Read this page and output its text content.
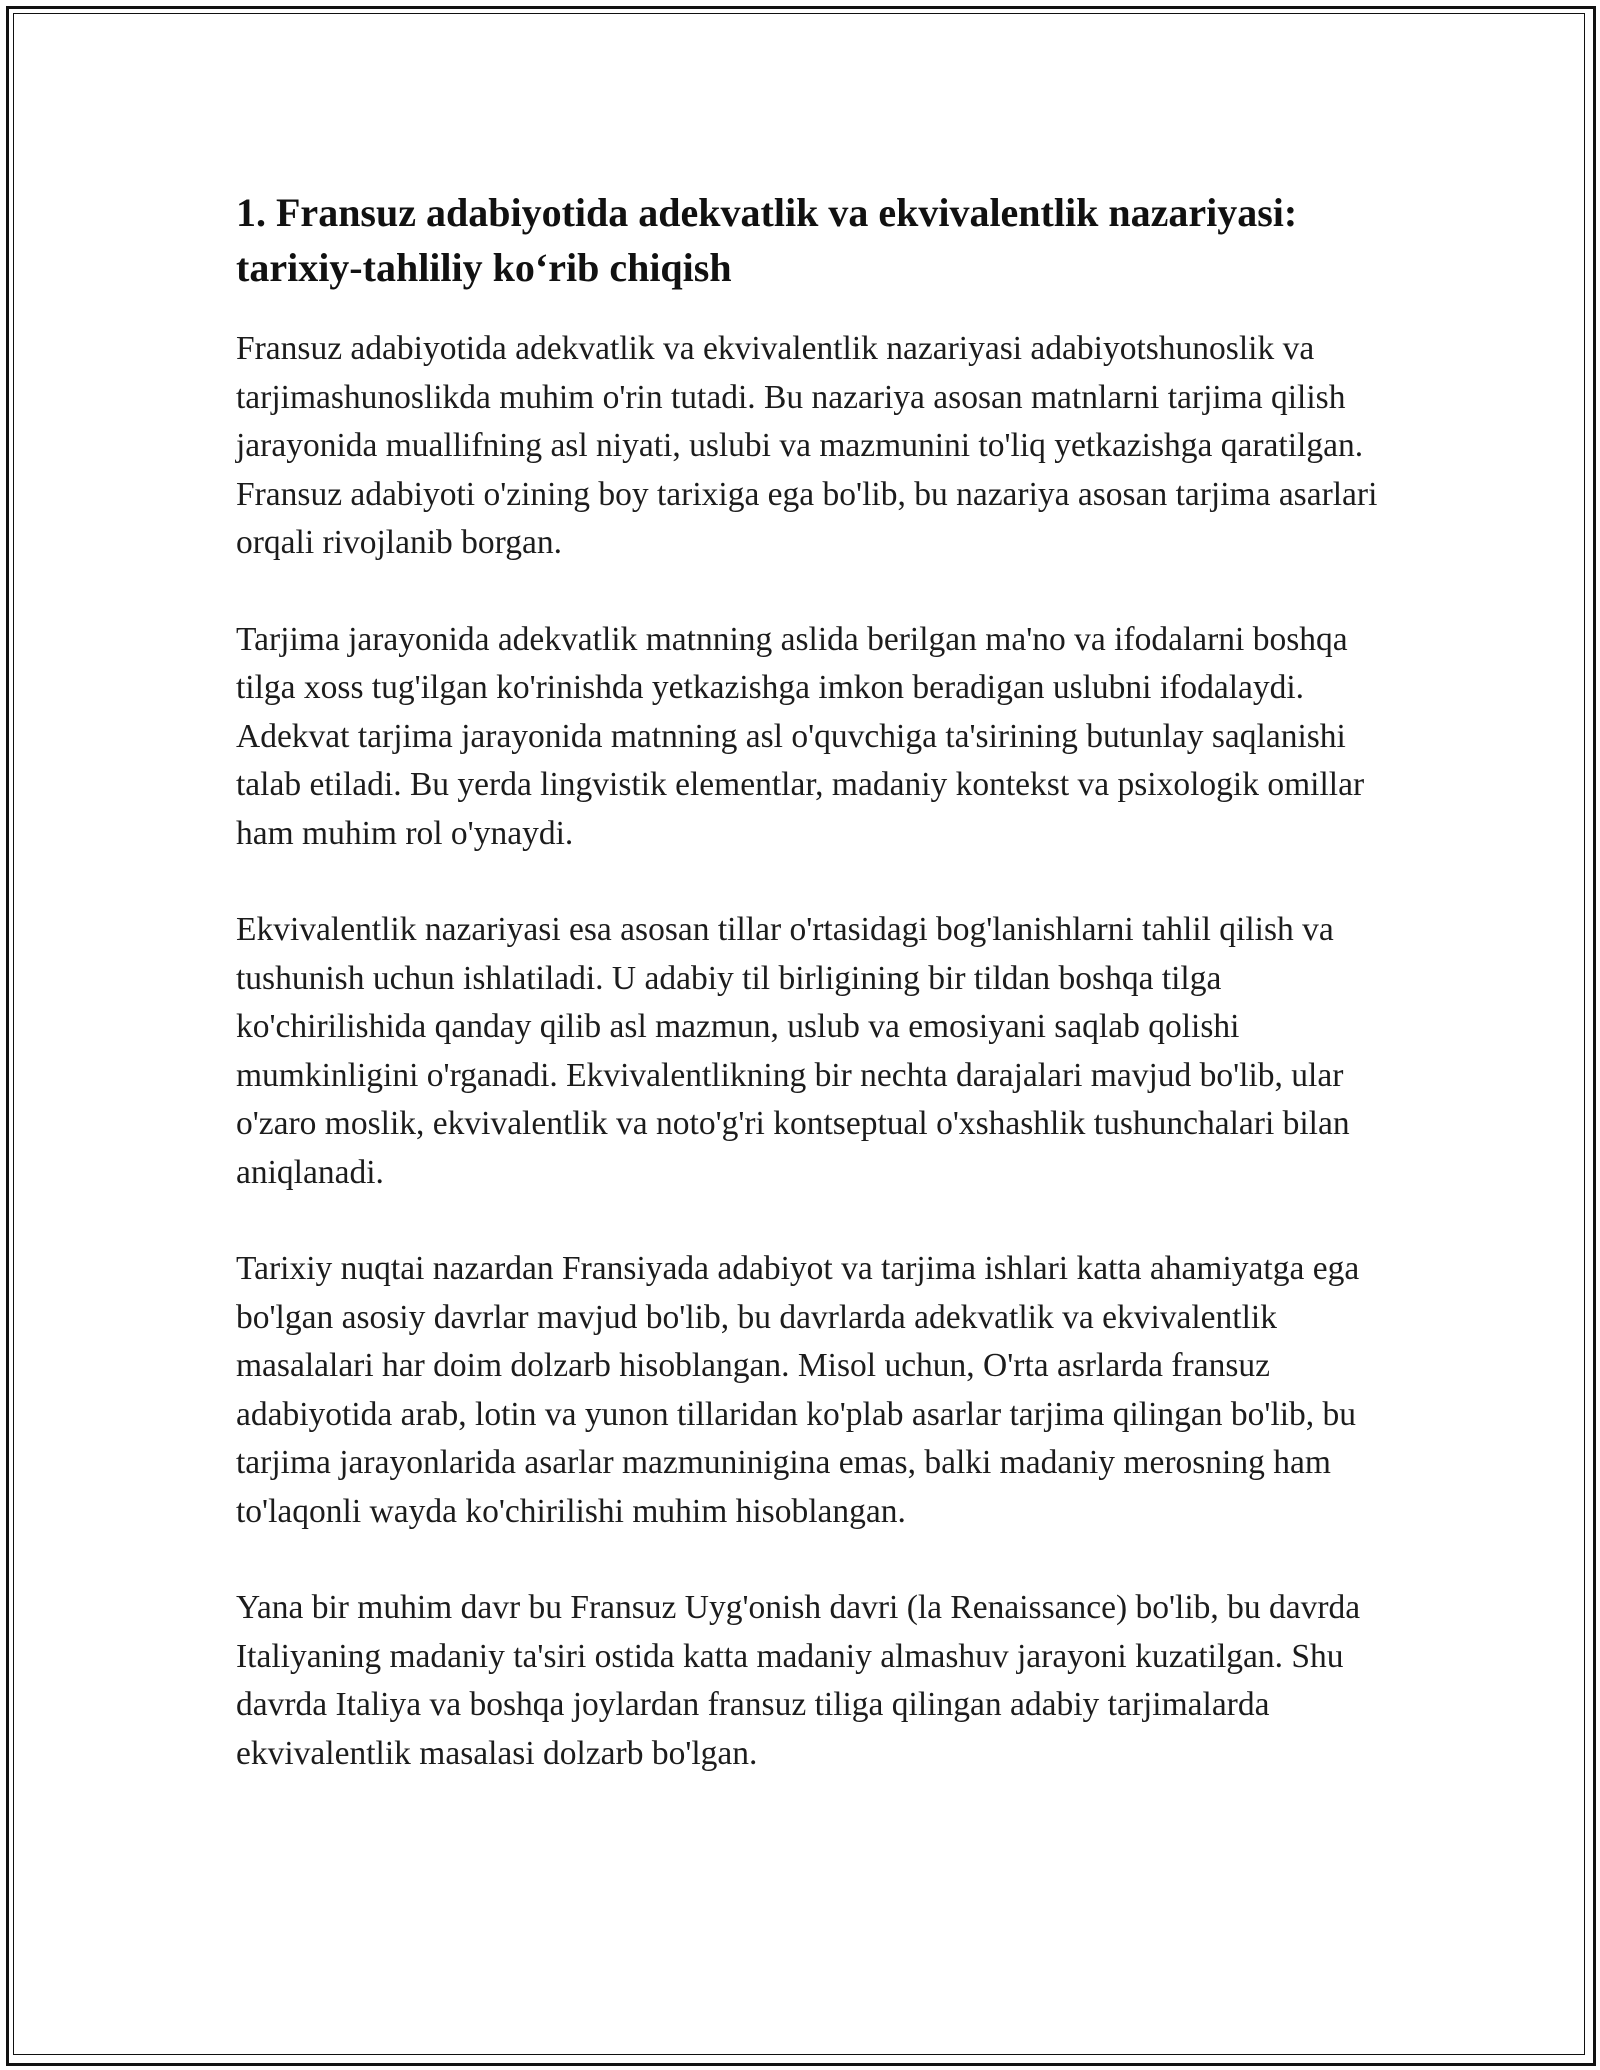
1. Fransuz adabiyotida adekvatlik va ekvivalentlik nazariyasi: tarixiy-tahliliy ko‘rib chiqish

Fransuz adabiyotida adekvatlik va ekvivalentlik nazariyasi adabiyotshunoslik va tarjimashunoslikda muhim o'rin tutadi. Bu nazariya asosan matnlarni tarjima qilish jarayonida muallifning asl niyati, uslubi va mazmunini to'liq yetkazishga qaratilgan. Fransuz adabiyoti o'zining boy tarixiga ega bo'lib, bu nazariya asosan tarjima asarlari orqali rivojlanib borgan.

Tarjima jarayonida adekvatlik matnning aslida berilgan ma'no va ifodalarni boshqa tilga xoss tug'ilgan ko'rinishda yetkazishga imkon beradigan uslubni ifodalaydi. Adekvat tarjima jarayonida matnning asl o'quvchiga ta'sirining butunlay saqlanishi talab etiladi. Bu yerda lingvistik elementlar, madaniy kontekst va psixologik omillar ham muhim rol o'ynaydi.

Ekvivalentlik nazariyasi esa asosan tillar o'rtasidagi bog'lanishlarni tahlil qilish va tushunish uchun ishlatiladi. U adabiy til birligining bir tildan boshqa tilga ko'chirilishida qanday qilib asl mazmun, uslub va emosiyani saqlab qolishi mumkinligini o'rganadi. Ekvivalentlikning bir nechta darajalari mavjud bo'lib, ular o'zaro moslik, ekvivalentlik va noto'g'ri kontseptual o'xshashlik tushunchalari bilan aniqlanadi.

Tarixiy nuqtai nazardan Fransiyada adabiyot va tarjima ishlari katta ahamiyatga ega bo'lgan asosiy davrlar mavjud bo'lib, bu davrlarda adekvatlik va ekvivalentlik masalalari har doim dolzarb hisoblangan. Misol uchun, O'rta asrlarda fransuz adabiyotida arab, lotin va yunon tillaridan ko'plab asarlar tarjima qilingan bo'lib, bu tarjima jarayonlarida asarlar mazmuninigina emas, balki madaniy merosning ham to'laqonli wayda ko'chirilishi muhim hisoblangan.

Yana bir muhim davr bu Fransuz Uyg'onish davri (la Renaissance) bo'lib, bu davrda Italiyaning madaniy ta'siri ostida katta madaniy almashuv jarayoni kuzatilgan. Shu davrda Italiya va boshqa joylardan fransuz tiliga qilingan adabiy tarjimalarda ekvivalentlik masalasi dolzarb bo'lgan.
